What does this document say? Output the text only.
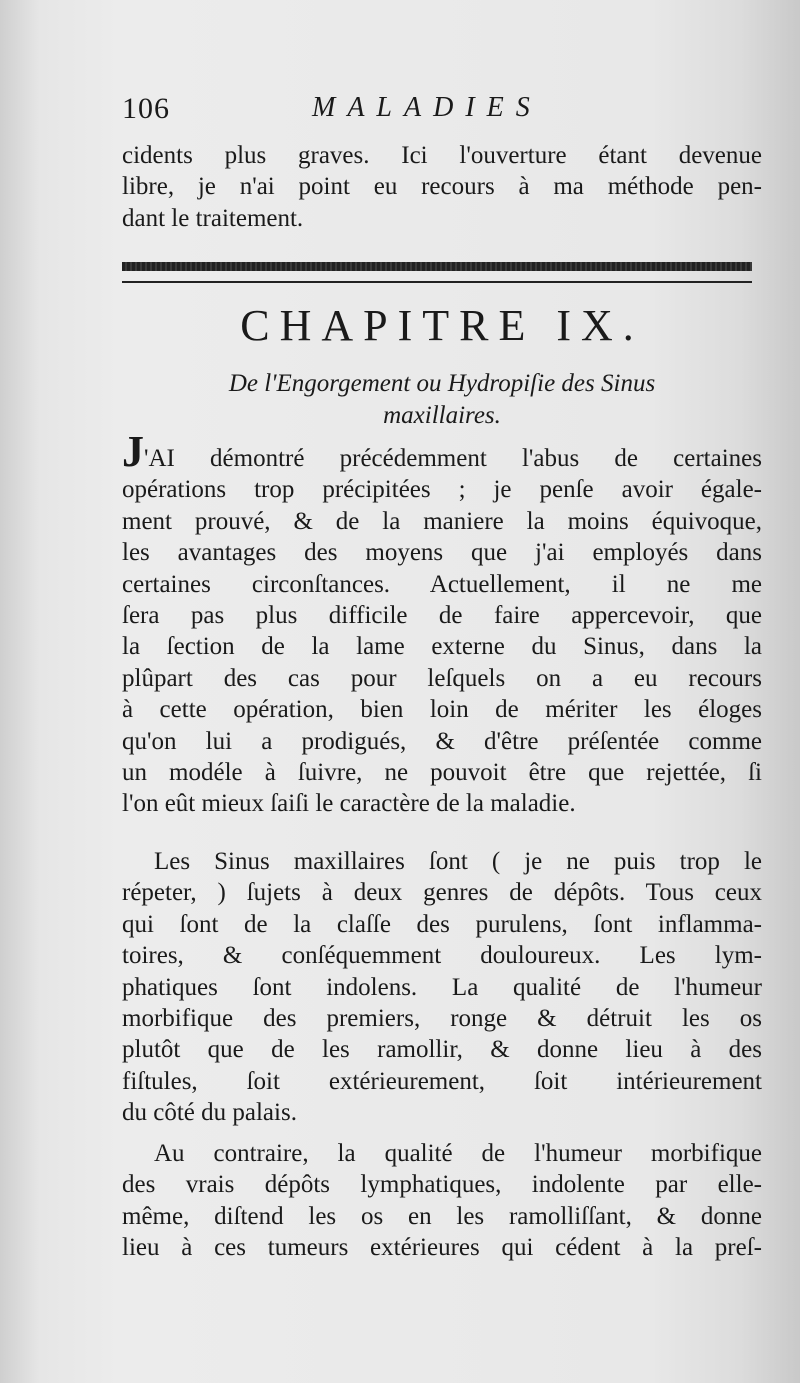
106	MALADIES
cidents plus graves. Ici l'ouverture étant devenue
libre, je n'ai point eu recours à ma méthode pen-
dant le traitement.
CHAPITRE IX.
De l'Engorgement ou Hydropiſie des Sinus
maxillaires.
J'AI démontré précédemment l'abus de certaines
opérations trop précipitées ; je penſe avoir égale-
ment prouvé, & de la maniere la moins équivoque,
les avantages des moyens que j'ai employés dans
certaines circonſtances. Actuellement, il ne me
ſera pas plus difficile de faire appercevoir, que
la ſection de la lame externe du Sinus, dans la
plûpart des cas pour leſquels on a eu recours
à cette opération, bien loin de mériter les éloges
qu'on lui a prodigués, & d'être préſentée comme
un modéle à ſuivre, ne pouvoit être que rejettée, ſi
l'on eût mieux ſaiſi le caractère de la maladie.
Les Sinus maxillaires ſont ( je ne puis trop le
répeter, ) ſujets à deux genres de dépôts. Tous ceux
qui ſont de la claſſe des purulens, ſont inflamma-
toires, & conſéquemment douloureux. Les lym-
phatiques ſont indolens. La qualité de l'humeur
morbifique des premiers, ronge & détruit les os
plutôt que de les ramollir, & donne lieu à des
fiſtules, ſoit extérieurement, ſoit intérieurement
du côté du palais.
Au contraire, la qualité de l'humeur morbifique
des vrais dépôts lymphatiques, indolente par elle-
même, diſtend les os en les ramolliſſant, & donne
lieu à ces tumeurs extérieures qui cédent à la preſ-
